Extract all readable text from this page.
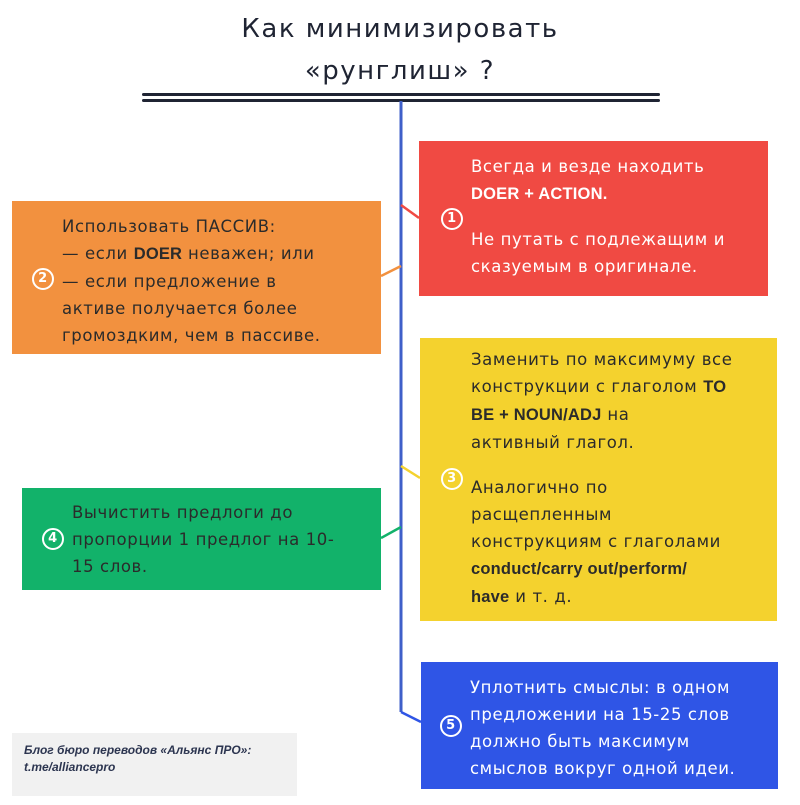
Как минимизировать
«рунглиш» ?
1

Всегда и везде находить

DOER + ACTION.

Не путать с подлежащим и

сказуемым в оригинале.

2

Использовать ПАССИВ:

— если DOER неважен; или

— если предложение в

активе получается более

громоздким, чем в пассиве.

3

Заменить по максимуму все

конструкции с глаголом TO

BE + NOUN/ADJ на

активный глагол.

Аналогично по

расщепленным

конструкциям с глаголами

conduct/carry out/perform/

have и т. д.

4

Вычистить предлоги до

пропорции 1 предлог на 10-

15 слов.

5

Уплотнить смыслы: в одном

предложении на 15-25 слов

должно быть максимум

смыслов вокруг одной идеи.

Блог бюро переводов «Альянс ПРО»:
t.me/alliancepro
